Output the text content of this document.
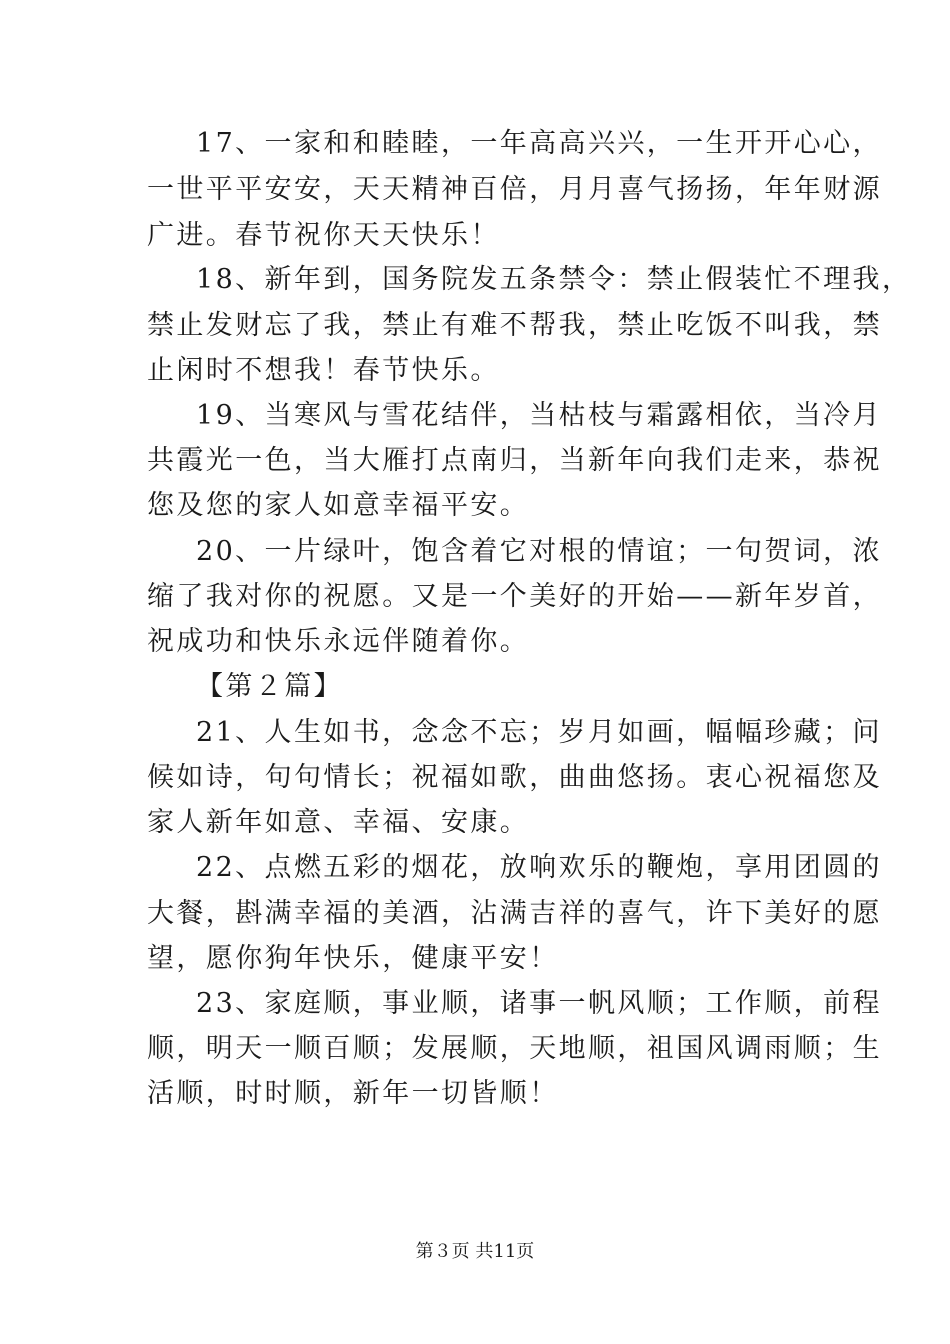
17、一家和和睦睦，一年高高兴兴，一生开开心心，
一世平平安安，天天精神百倍，月月喜气扬扬，年年财源
广进。春节祝你天天快乐！
18、新年到，国务院发五条禁令：禁止假装忙不理我，
禁止发财忘了我，禁止有难不帮我，禁止吃饭不叫我，禁
止闲时不想我！春节快乐。
19、当寒风与雪花结伴，当枯枝与霜露相依，当冷月
共霞光一色，当大雁打点南归，当新年向我们走来，恭祝
您及您的家人如意幸福平安。
20、一片绿叶，饱含着它对根的情谊；一句贺词，浓
缩了我对你的祝愿。又是一个美好的开始——新年岁首，
祝成功和快乐永远伴随着你。
【第２篇】
21、人生如书，念念不忘；岁月如画，幅幅珍藏；问
候如诗，句句情长；祝福如歌，曲曲悠扬。衷心祝福您及
家人新年如意、幸福、安康。
22、点燃五彩的烟花，放响欢乐的鞭炮，享用团圆的
大餐，斟满幸福的美酒，沾满吉祥的喜气，许下美好的愿
望，愿你狗年快乐，健康平安！
23、家庭顺，事业顺，诸事一帆风顺；工作顺，前程
顺，明天一顺百顺；发展顺，天地顺，祖国风调雨顺；生
活顺，时时顺，新年一切皆顺！
第３页 共11页
